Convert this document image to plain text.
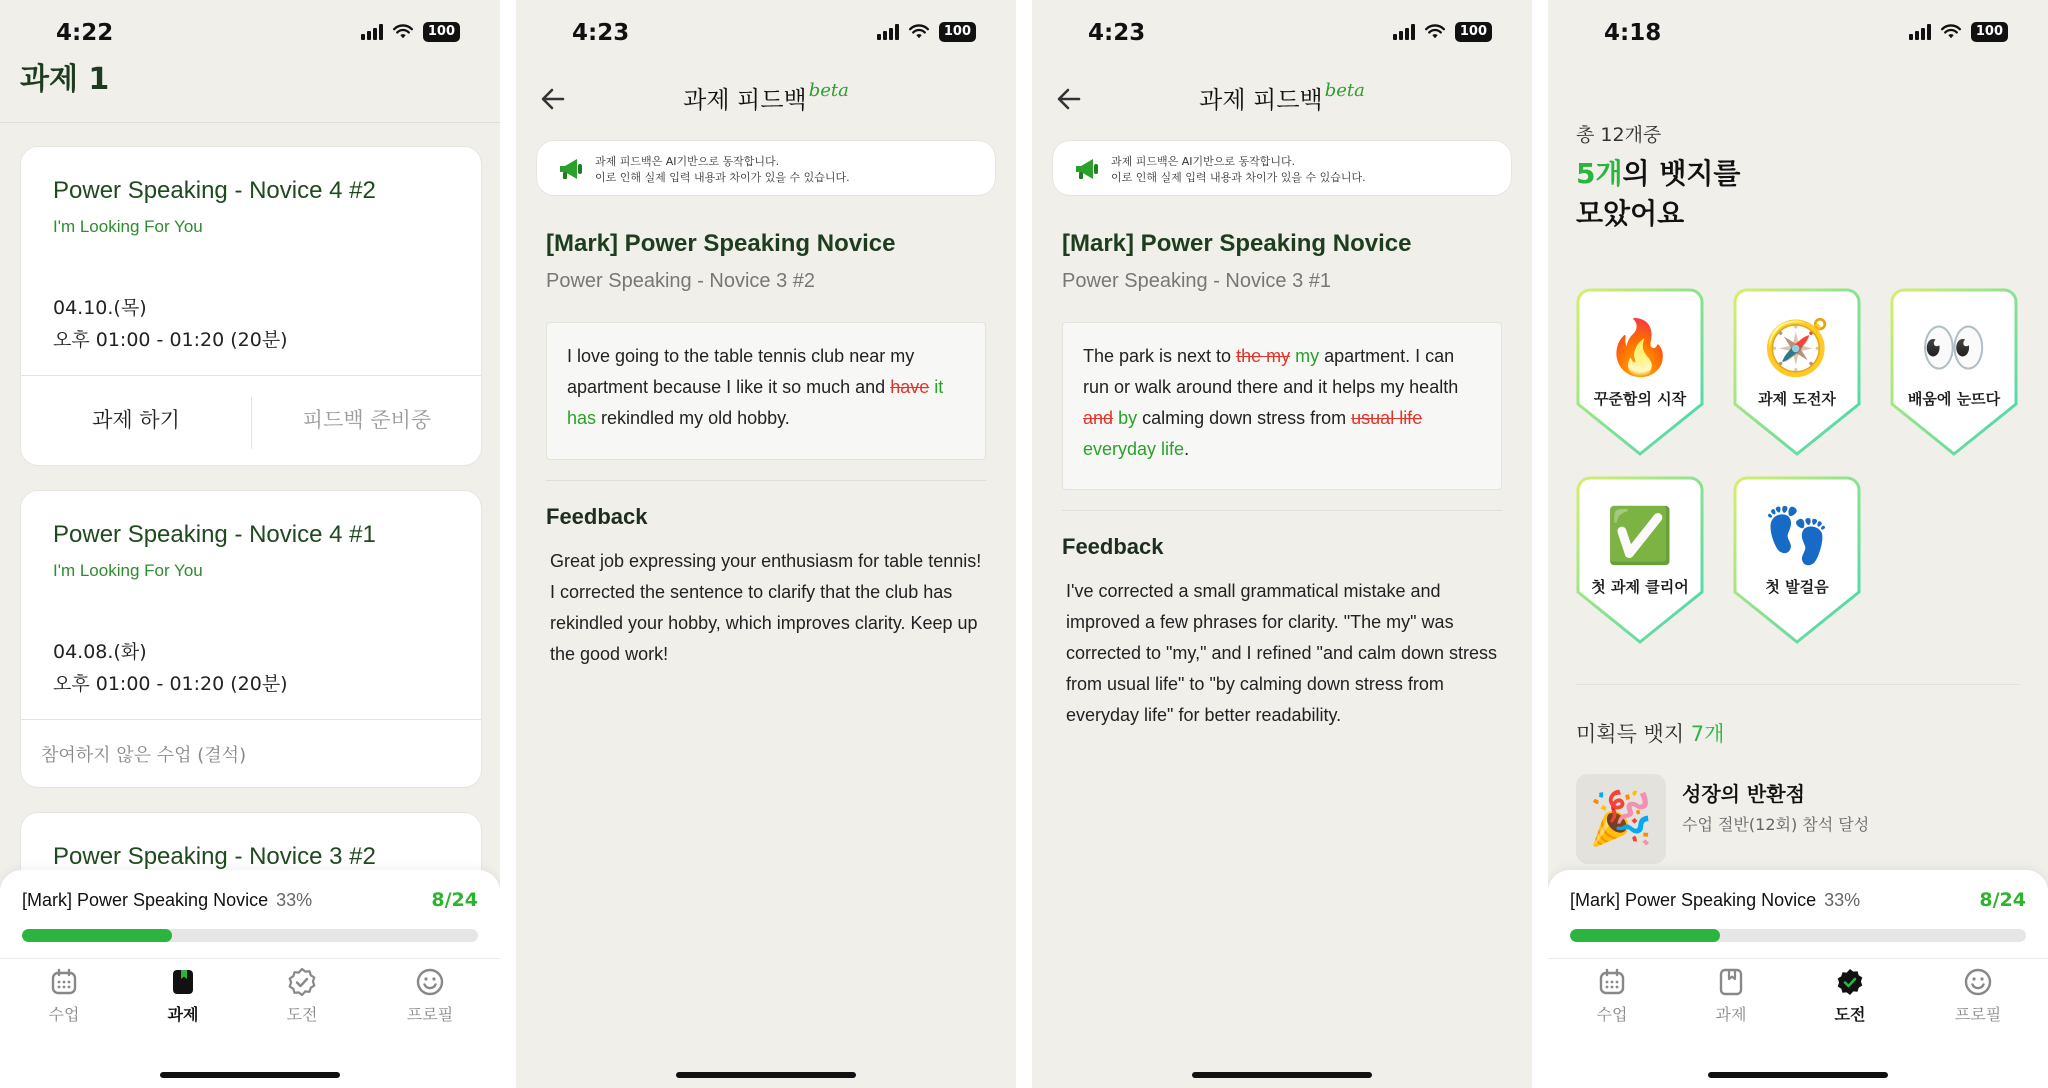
4:22	100
과제 1
Power Speaking - Novice 4 #2
I'm Looking For You
04.10.(목)
오후 01:00 - 01:20 (20분)
과제 하기	피드백 준비중
Power Speaking - Novice 4 #1
I'm Looking For You
04.08.(화)
오후 01:00 - 01:20 (20분)
참여하지 않은 수업 (결석)
Power Speaking - Novice 3 #2
[Mark] Power Speaking Novice 33%	8/24
수업	과제	도전	프로필
4:23	100
과제 피드백 $^{beta}$
과제 피드백은 AI기반으로 동작합니다.
이로 인해 실제 입력 내용과 차이가 있을 수 있습니다.
[Mark] Power Speaking Novice
Power Speaking - Novice 3 #2
I love going to the table tennis club near my apartment because I like it so much and have it has rekindled my old hobby.
Feedback
Great job expressing your enthusiasm for table tennis! I corrected the sentence to clarify that the club has rekindled your hobby, which improves clarity. Keep up the good work!
4:23	100
과제 피드백 $^{beta}$
과제 피드백은 AI기반으로 동작합니다.
이로 인해 실제 입력 내용과 차이가 있을 수 있습니다.
[Mark] Power Speaking Novice
Power Speaking - Novice 3 #1
The park is next to the my my apartment. I can run or walk around there and it helps my health and by calming down stress from usual life everyday life.
Feedback
I've corrected a small grammatical mistake and improved a few phrases for clarity. "The my" was corrected to "my," and I refined "and calm down stress from usual life" to "by calming down stress from everyday life" for better readability.
4:18	100
총 12개중
5개의 뱃지를
모았어요
🔥
꾸준함의 시작
🧭
과제 도전자
👀
배움에 눈뜨다
✅
첫 과제 클리어
👣
첫 발걸음
미획득 뱃지 7개
🎉	성장의 반환점
수업 절반(12회) 참석 달성
[Mark] Power Speaking Novice 33%	8/24
수업	과제	도전	프로필
